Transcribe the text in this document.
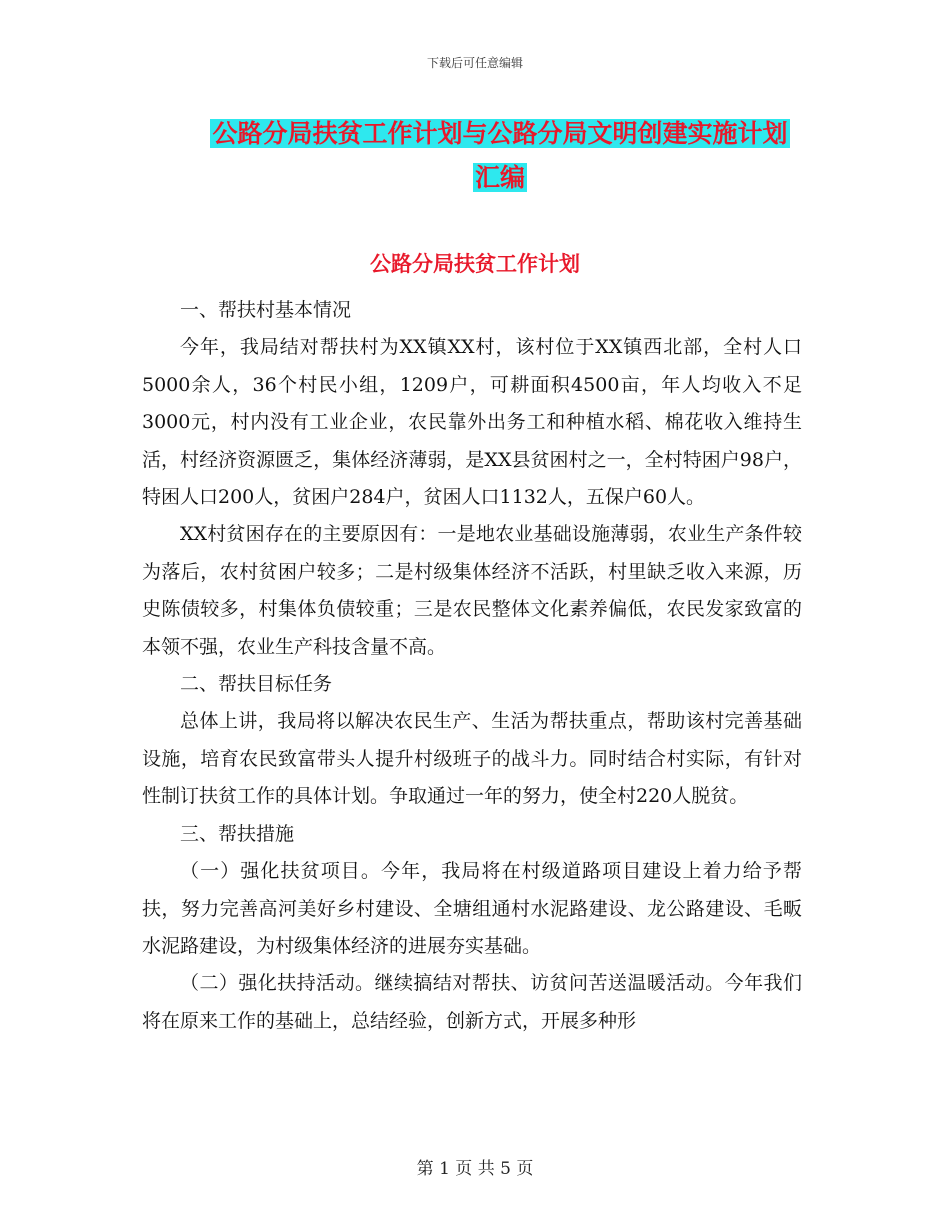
下载后可任意编辑
公路分局扶贫工作计划与公路分局文明创建实施计划
汇编
公路分局扶贫工作计划

一、帮扶村基本情况

今年，我局结对帮扶村为XX镇XX村，该村位于XX镇西北部，全村人口5000余人，36个村民小组，1209户，可耕面积4500亩，年人均收入不足3000元，村内没有工业企业，农民靠外出务工和种植水稻、棉花收入维持生活，村经济资源匮乏，集体经济薄弱，是XX县贫困村之一，全村特困户98户，特困人口200人，贫困户284户，贫困人口1132人，五保户60人。

XX村贫困存在的主要原因有：一是地农业基础设施薄弱，农业生产条件较为落后，农村贫困户较多；二是村级集体经济不活跃，村里缺乏收入来源，历史陈债较多，村集体负债较重；三是农民整体文化素养偏低，农民发家致富的本领不强，农业生产科技含量不高。

二、帮扶目标任务

总体上讲，我局将以解决农民生产、生活为帮扶重点，帮助该村完善基础设施，培育农民致富带头人提升村级班子的战斗力。同时结合村实际，有针对性制订扶贫工作的具体计划。争取通过一年的努力，使全村220人脱贫。

三、帮扶措施

（一）强化扶贫项目。今年，我局将在村级道路项目建设上着力给予帮扶，努力完善高河美好乡村建设、全塘组通村水泥路建设、龙公路建设、毛畈水泥路建设，为村级集体经济的进展夯实基础。

（二）强化扶持活动。继续搞结对帮扶、访贫问苦送温暖活动。今年我们将在原来工作的基础上，总结经验，创新方式，开展多种形

第 1 页 共 5 页
